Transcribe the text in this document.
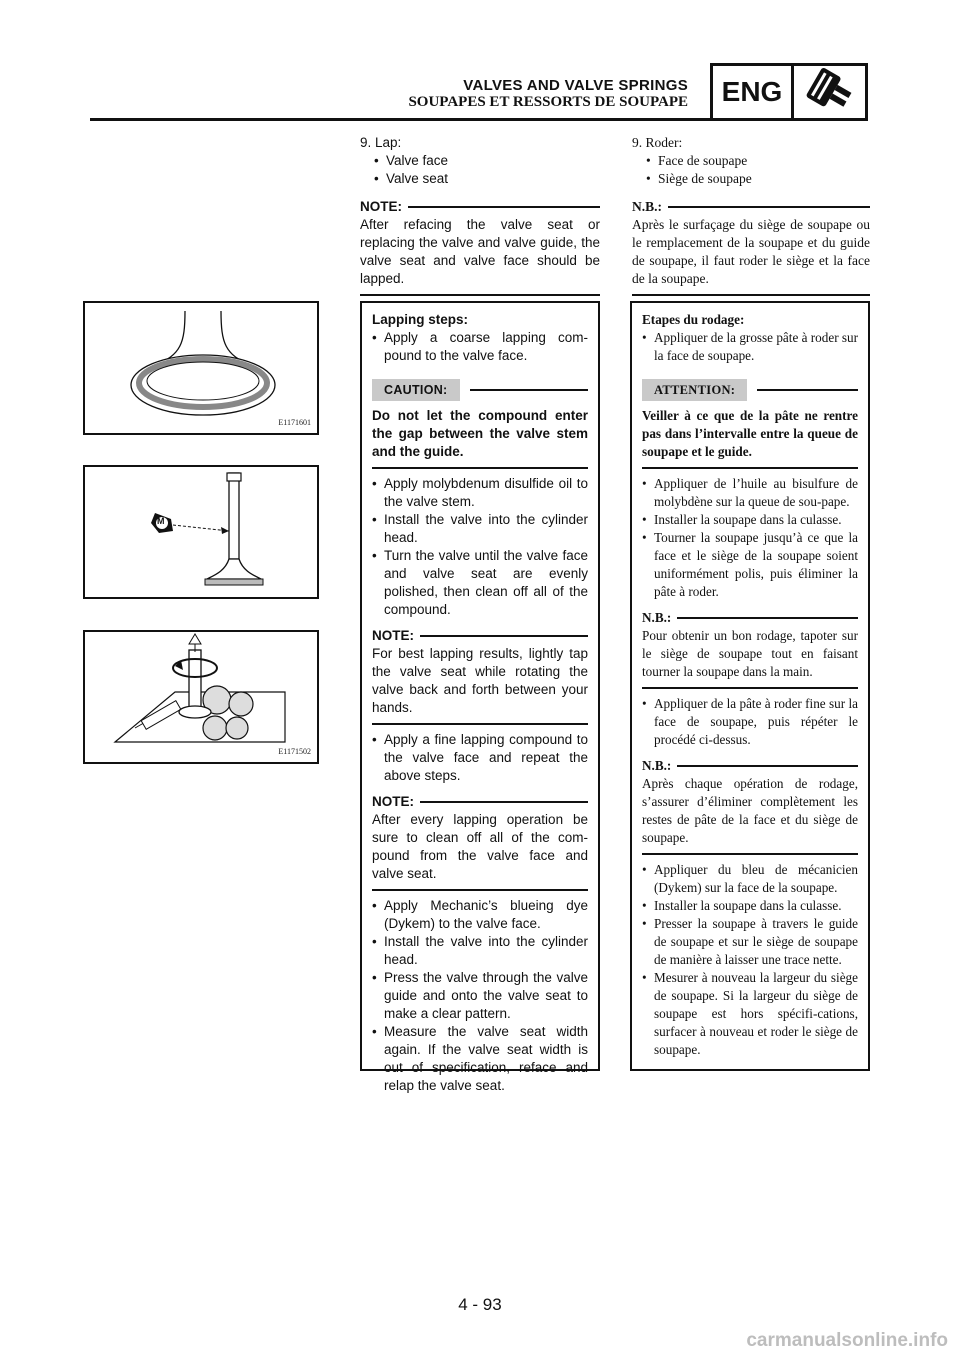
VALVES AND VALVE SPRINGS
SOUPAPES ET RESSORTS DE SOUPAPE	ENG
9. Lap:
• Valve face
• Valve seat
NOTE:
After refacing the valve seat or replacing the valve and valve guide, the valve seat and valve face should be lapped.
9. Roder:
• Face de soupape
• Siège de soupape
N.B.:
Après le surfaçage du siège de soupape ou le remplacement de la soupape et du guide de soupape, il faut roder le siège et la face de la soupape.
Lapping steps:
• Apply a coarse lapping com-pound to the valve face.
CAUTION:
Do not let the compound enter the gap between the valve stem and the guide.
• Apply molybdenum disulfide oil to the valve stem.
• Install the valve into the cylinder head.
• Turn the valve until the valve face and valve seat are evenly polished, then clean off all of the compound.
NOTE:
For best lapping results, lightly tap the valve seat while rotating the valve back and forth between your hands.
• Apply a fine lapping compound to the valve face and repeat the above steps.
NOTE:
After every lapping operation be sure to clean off all of the com-pound from the valve face and valve seat.
• Apply Mechanic’s blueing dye (Dykem) to the valve face.
• Install the valve into the cylinder head.
• Press the valve through the valve guide and onto the valve seat to make a clear pattern.
• Measure the valve seat width again. If the valve seat width is out of specification, reface and relap the valve seat.
Etapes du rodage:
• Appliquer de la grosse pâte à roder sur la face de soupape.
ATTENTION:
Veiller à ce que de la pâte ne rentre pas dans l’intervalle entre la queue de soupape et le guide.
• Appliquer de l’huile au bisulfure de molybdène sur la queue de sou-pape.
• Installer la soupape dans la culasse.
• Tourner la soupape jusqu’à ce que la face et le siège de la soupape soient uniformément polis, puis éliminer la pâte à roder.
N.B.:
Pour obtenir un bon rodage, tapoter sur le siège de soupape tout en faisant tourner la soupape dans la main.
• Appliquer de la pâte à roder fine sur la face de soupape, puis répéter le procédé ci-dessus.
N.B.:
Après chaque opération de rodage, s’assurer d’éliminer complètement les restes de pâte de la face et du siège de soupape.
• Appliquer du bleu de mécanicien (Dykem) sur la face de la soupape.
• Installer la soupape dans la culasse.
• Presser la soupape à travers le guide de soupape et sur le siège de soupape de manière à laisser une trace nette.
• Mesurer à nouveau la largeur du siège de soupape. Si la largeur du siège de soupape est hors spécifi-cations, surfacer à nouveau et roder le siège de soupape.
E1171601
M
E1171502
4 - 93
carmanualsonline.info
